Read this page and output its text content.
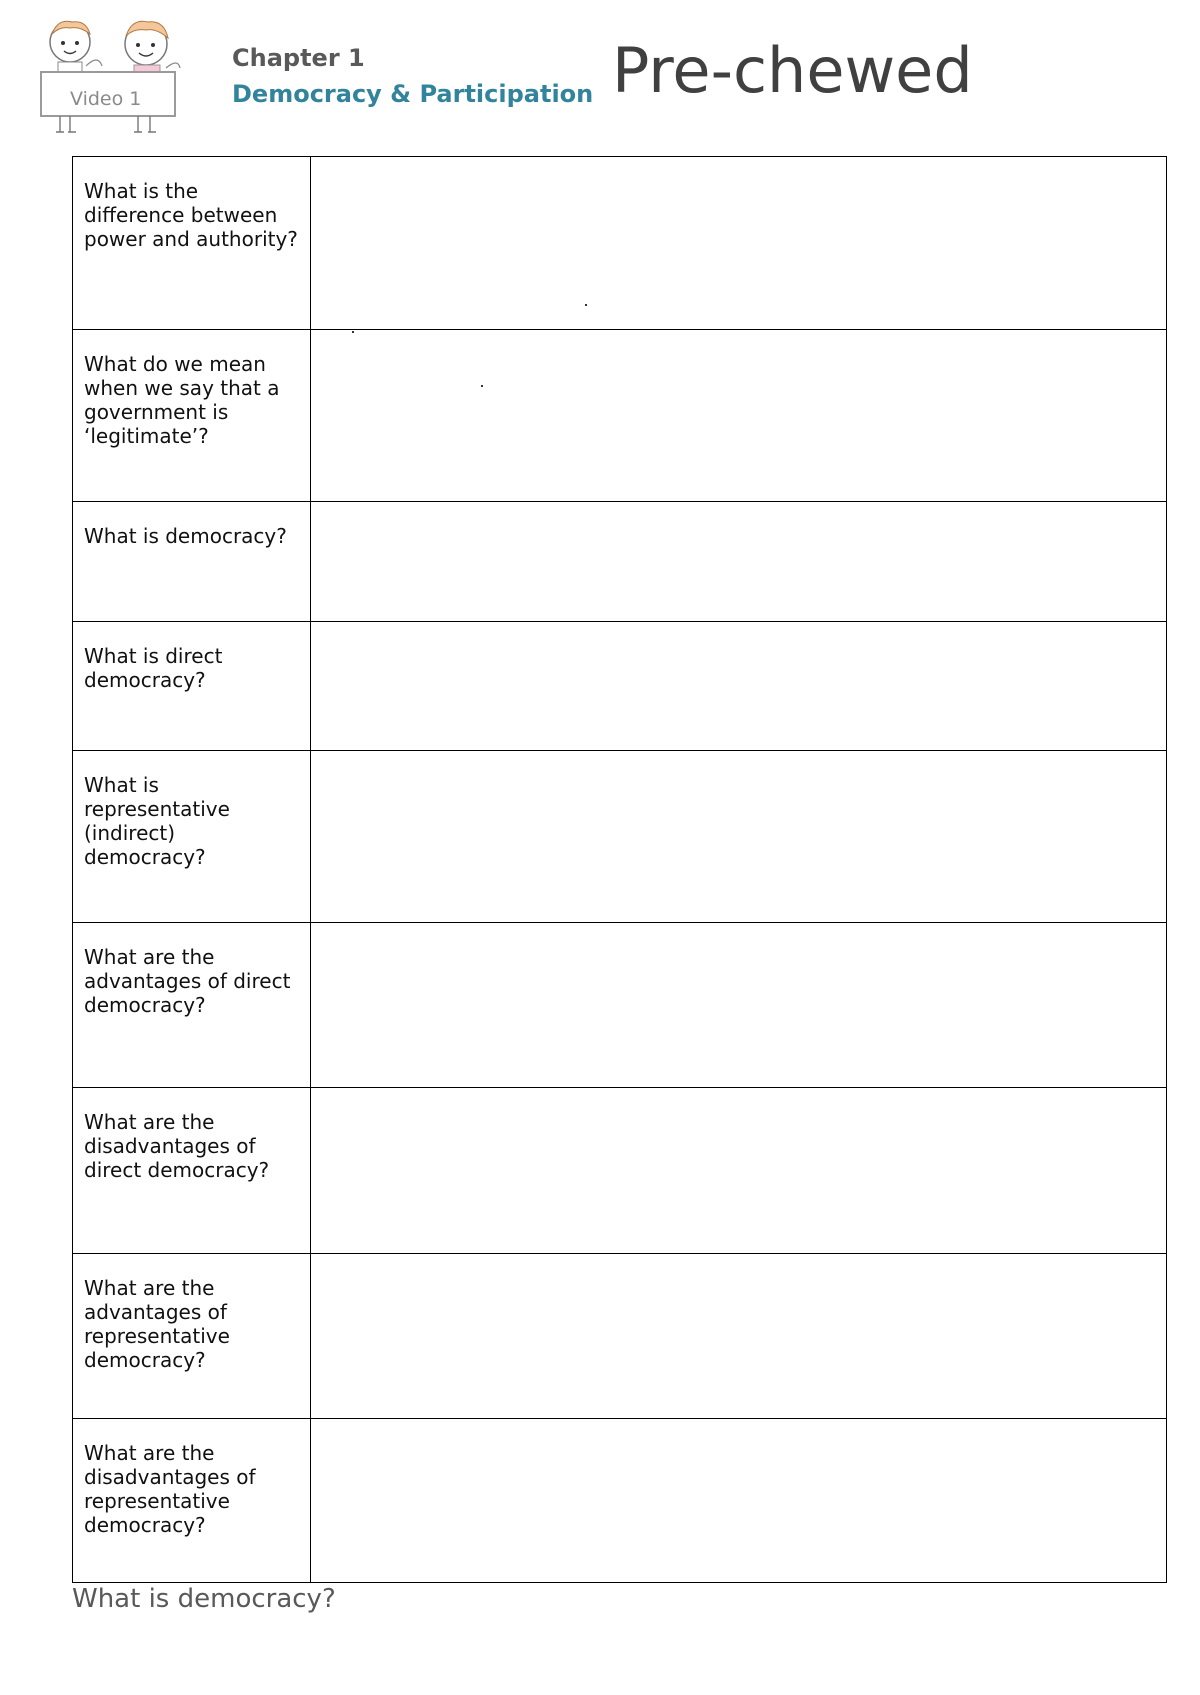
Video 1
Chapter 1
Democracy & Participation Pre-chewed
What is the difference between power and authority?	
What do we mean when we say that a government is ‘legitimate’?	
What is democracy?	
What is direct democracy?	
What is representative (indirect) democracy?	
What are the advantages of direct democracy?	
What are the disadvantages of direct democracy?	
What are the advantages of representative democracy?	
What are the disadvantages of representative democracy?	
What is democracy?
